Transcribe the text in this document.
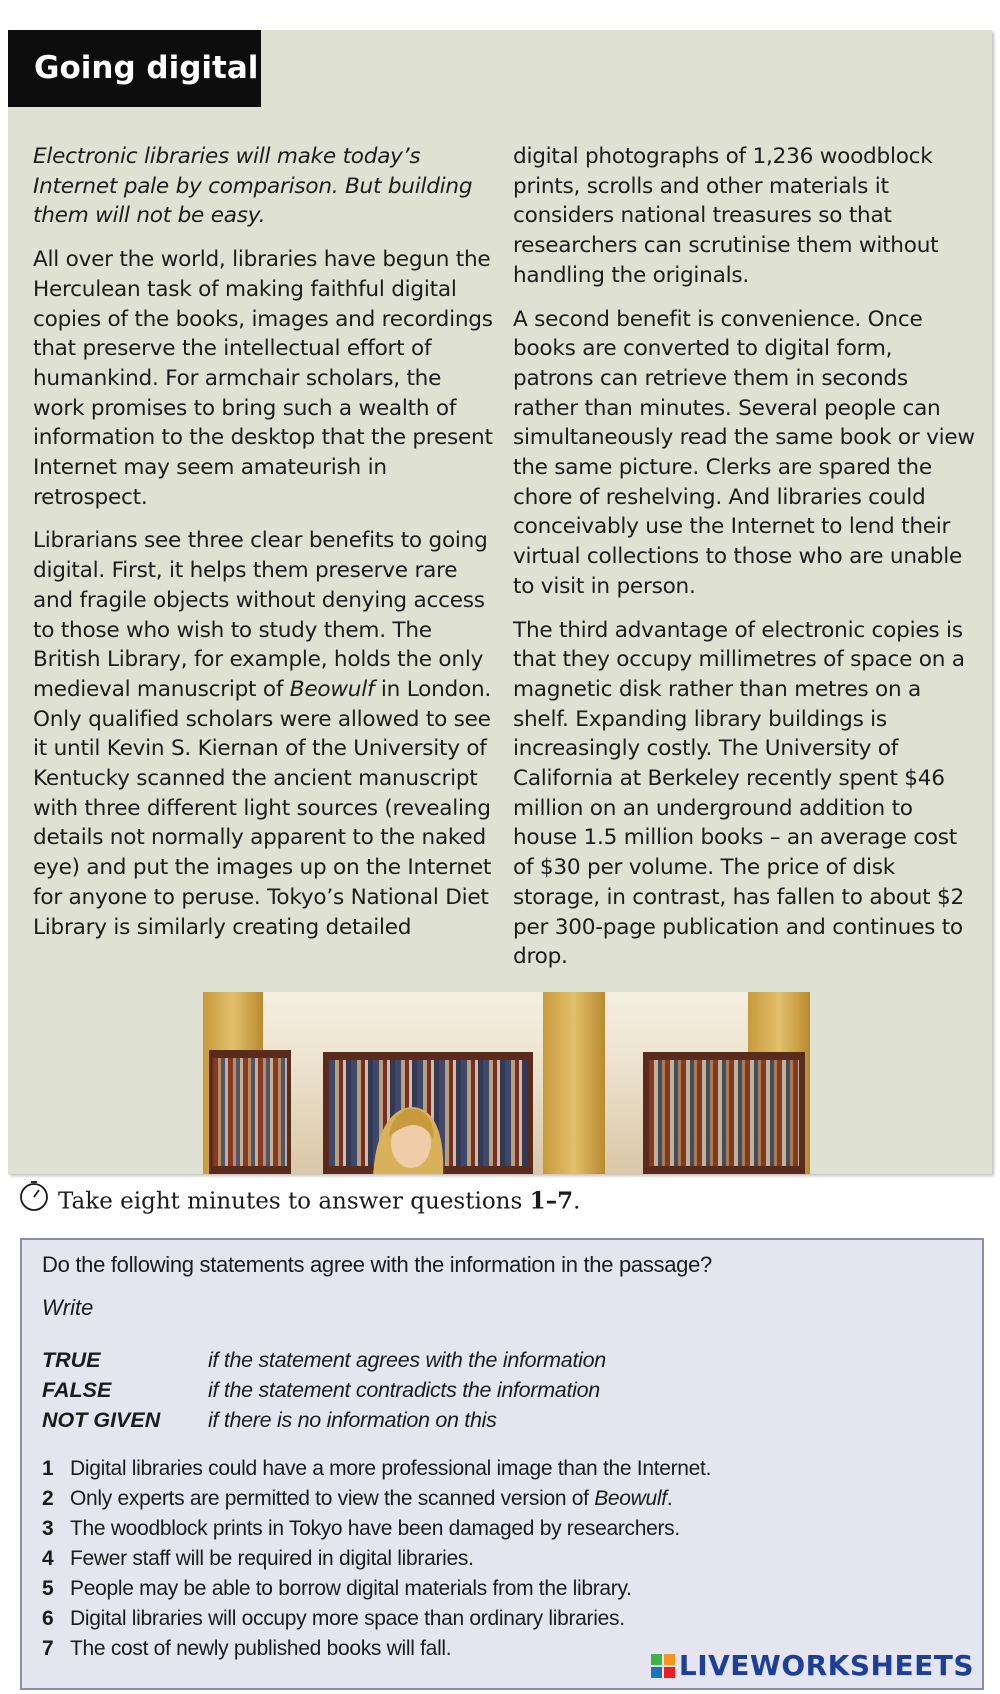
Going digital

Electronic libraries will make today’s Internet pale by comparison. But building them will not be easy.

All over the world, libraries have begun the Herculean task of making faithful digital copies of the books, images and recordings that preserve the intellectual effort of humankind. For armchair scholars, the work promises to bring such a wealth of information to the desktop that the present Internet may seem amateurish in retrospect.

Librarians see three clear benefits to going digital. First, it helps them preserve rare and fragile objects without denying access to those who wish to study them. The British Library, for example, holds the only medieval manuscript of Beowulf in London. Only qualified scholars were allowed to see it until Kevin S. Kiernan of the University of Kentucky scanned the ancient manuscript with three different light sources (revealing details not normally apparent to the naked eye) and put the images up on the Internet for anyone to peruse. Tokyo’s National Diet Library is similarly creating detailed

digital photographs of 1,236 woodblock prints, scrolls and other materials it considers national treasures so that researchers can scrutinise them without handling the originals.

A second benefit is convenience. Once books are converted to digital form, patrons can retrieve them in seconds rather than minutes. Several people can simultaneously read the same book or view the same picture. Clerks are spared the chore of reshelving. And libraries could conceivably use the Internet to lend their virtual collections to those who are unable to visit in person.

The third advantage of electronic copies is that they occupy millimetres of space on a magnetic disk rather than metres on a shelf. Expanding library buildings is increasingly costly. The University of California at Berkeley recently spent $46 million on an underground addition to house 1.5 million books – an average cost of $30 per volume. The price of disk storage, in contrast, has fallen to about $2 per 300-page publication and continues to drop.

Take eight minutes to answer questions 1–7.
Do the following statements agree with the information in the passage?
Write
TRUE	if the statement agrees with the information
FALSE	if the statement contradicts the information
NOT GIVEN	if there is no information on this
1 Digital libraries could have a more professional image than the Internet.
2 Only experts are permitted to view the scanned version of Beowulf.
3 The woodblock prints in Tokyo have been damaged by researchers.
4 Fewer staff will be required in digital libraries.
5 People may be able to borrow digital materials from the library.
6 Digital libraries will occupy more space than ordinary libraries.
7 The cost of newly published books will fall.
LIVEWORKSHEETS
